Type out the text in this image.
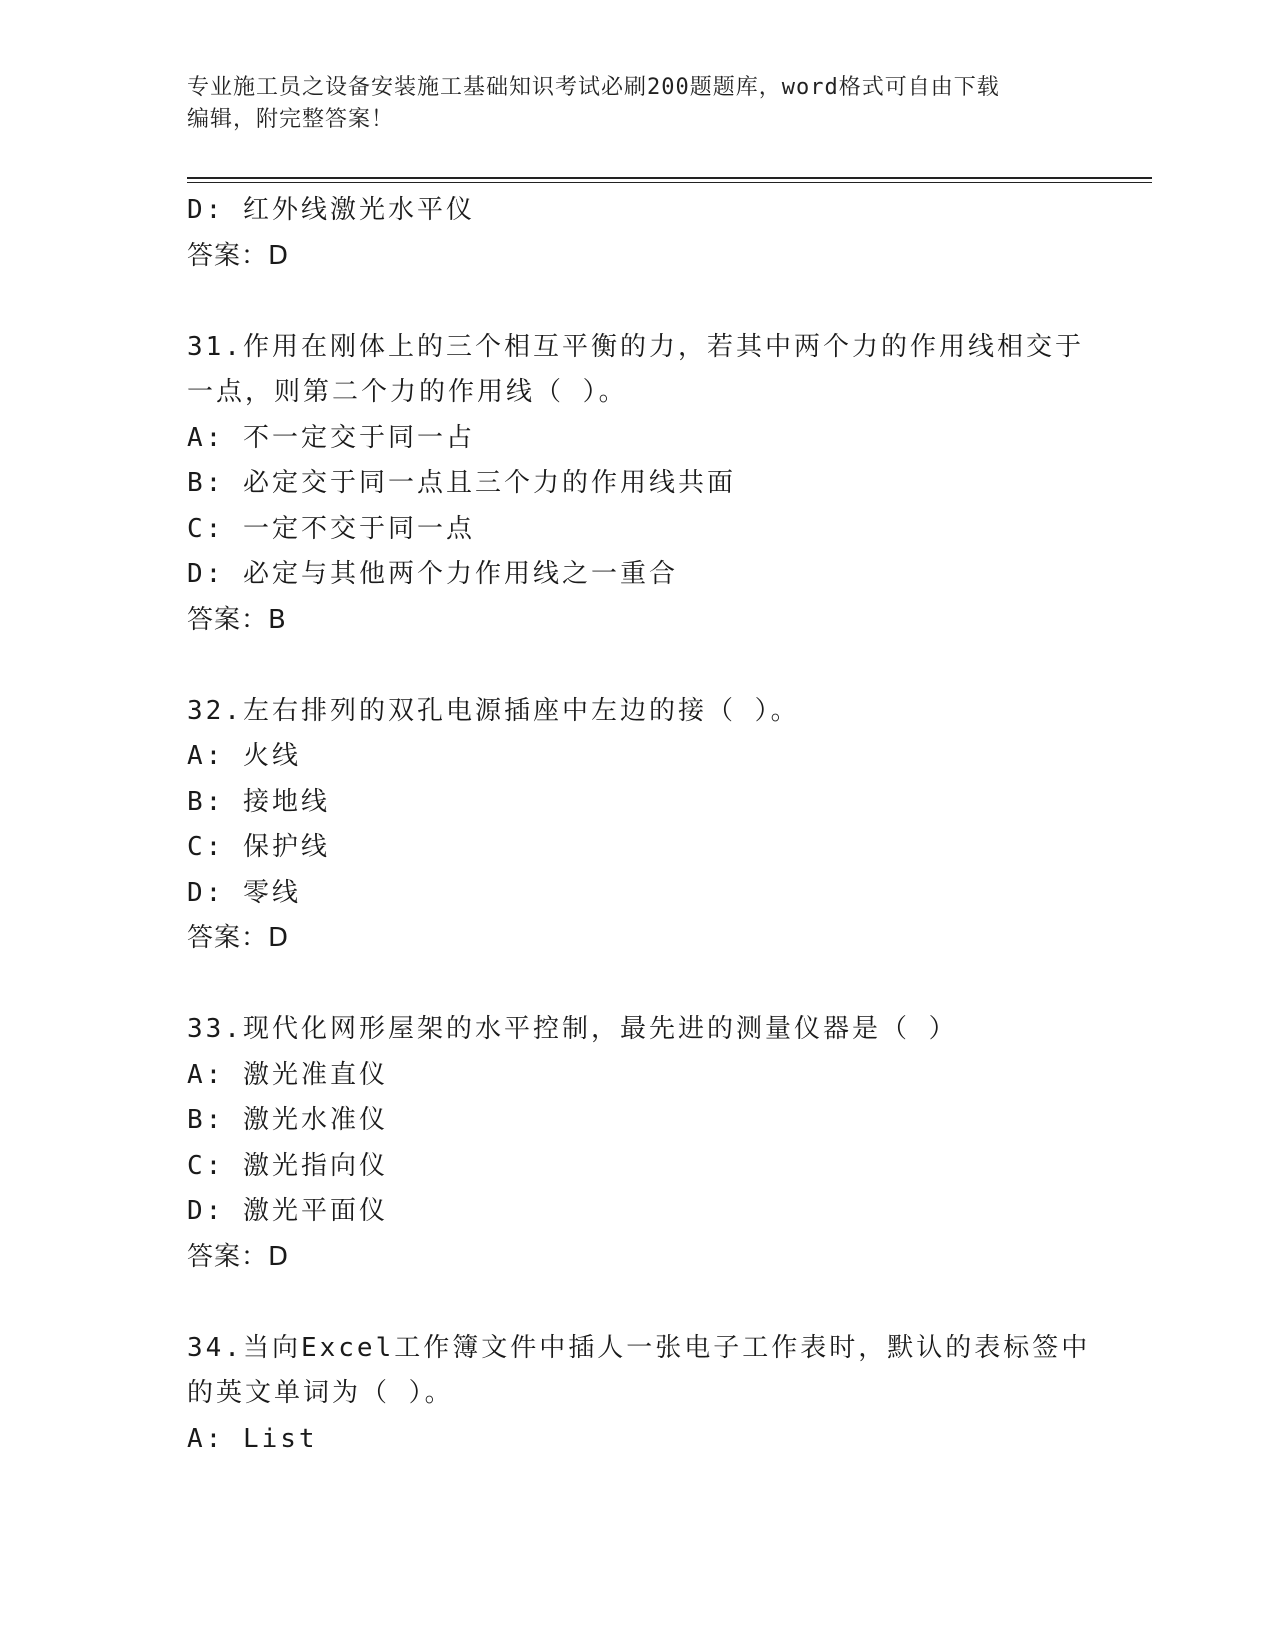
专业施工员之设备安装施工基础知识考试必刷200题题库，word格式可自由下载
编辑，附完整答案！
D: 红外线激光水平仪
答案：D
31.作用在刚体上的三个相互平衡的力，若其中两个力的作用线相交于
一点，则第二个力的作用线（ ）。
A: 不一定交于同一占
B: 必定交于同一点且三个力的作用线共面
C: 一定不交于同一点
D: 必定与其他两个力作用线之一重合
答案：B
32.左右排列的双孔电源插座中左边的接（ ）。
A: 火线
B: 接地线
C: 保护线
D: 零线
答案：D
33.现代化网形屋架的水平控制，最先进的测量仪器是（ ）
A: 激光准直仪
B: 激光水准仪
C: 激光指向仪
D: 激光平面仪
答案：D
34.当向Excel工作簿文件中插人一张电子工作表时，默认的表标签中
的英文单词为（ ）。
A: List
